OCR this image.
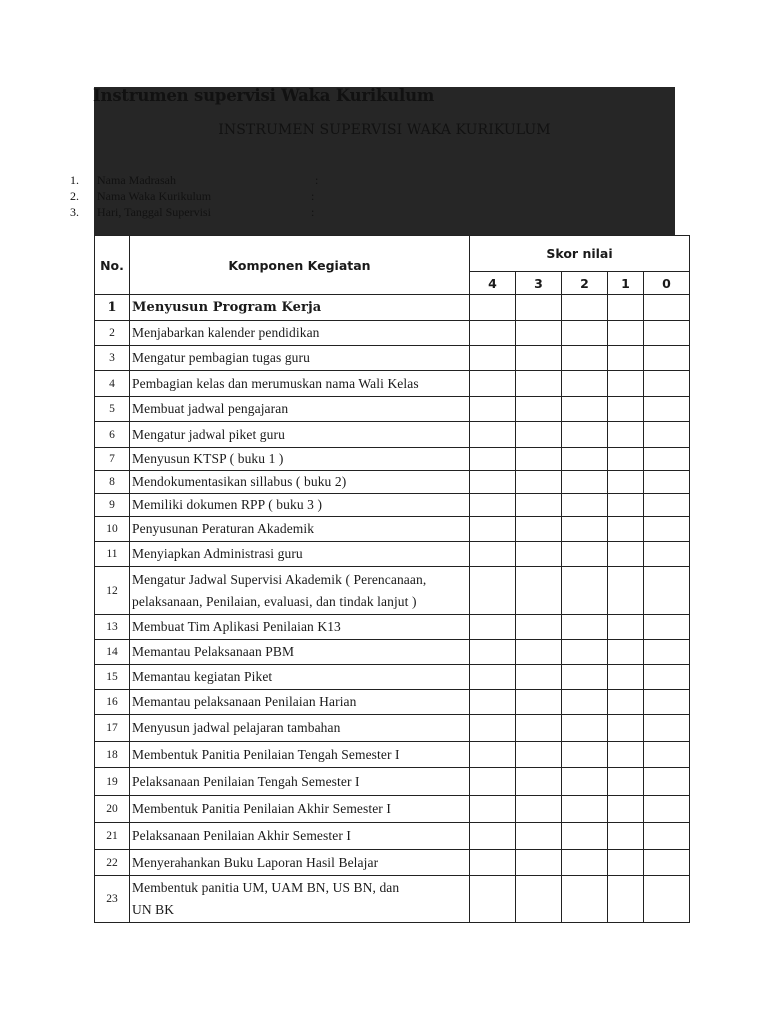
Instrumen supervisi Waka Kurikulum
INSTRUMEN SUPERVISI WAKA KURIKULUM
1. Nama Madrasah	:
2. Nama Waka Kurikulum	:
3. Hari, Tanggal Supervisi	:
No.	Komponen Kegiatan	Skor nilai				
		4	3	2	1	0
1	Menyusun Program Kerja					

2	Menjabarkan kalender pendidikan					

3	Mengatur pembagian tugas guru					

4	Pembagian kelas dan merumuskan nama Wali Kelas					

5	Membuat jadwal pengajaran					

6	Mengatur jadwal piket guru					

7	Menyusun KTSP ( buku 1 )					

8	Mendokumentasikan sillabus ( buku 2)					

9	Memiliki dokumen RPP ( buku 3 )					

10	Penyusunan Peraturan Akademik					

11	Menyiapkan Administrasi guru					

12	Mengatur Jadwal Supervisi Akademik ( Perencanaan,
pelaksanaan, Penilaian, evaluasi, dan tindak lanjut )					

13	Membuat Tim Aplikasi Penilaian K13					

14	Memantau Pelaksanaan PBM					

15	Memantau kegiatan Piket					

16	Memantau pelaksanaan Penilaian Harian					

17	Menyusun jadwal pelajaran tambahan					

18	Membentuk Panitia Penilaian Tengah Semester I					

19	Pelaksanaan Penilaian Tengah Semester I					

20	Membentuk Panitia Penilaian Akhir Semester I					

21	Pelaksanaan Penilaian Akhir Semester I					

22	Menyerahankan Buku Laporan Hasil Belajar					

23	Membentuk panitia UM, UAM BN, US BN, dan
UN BK					
